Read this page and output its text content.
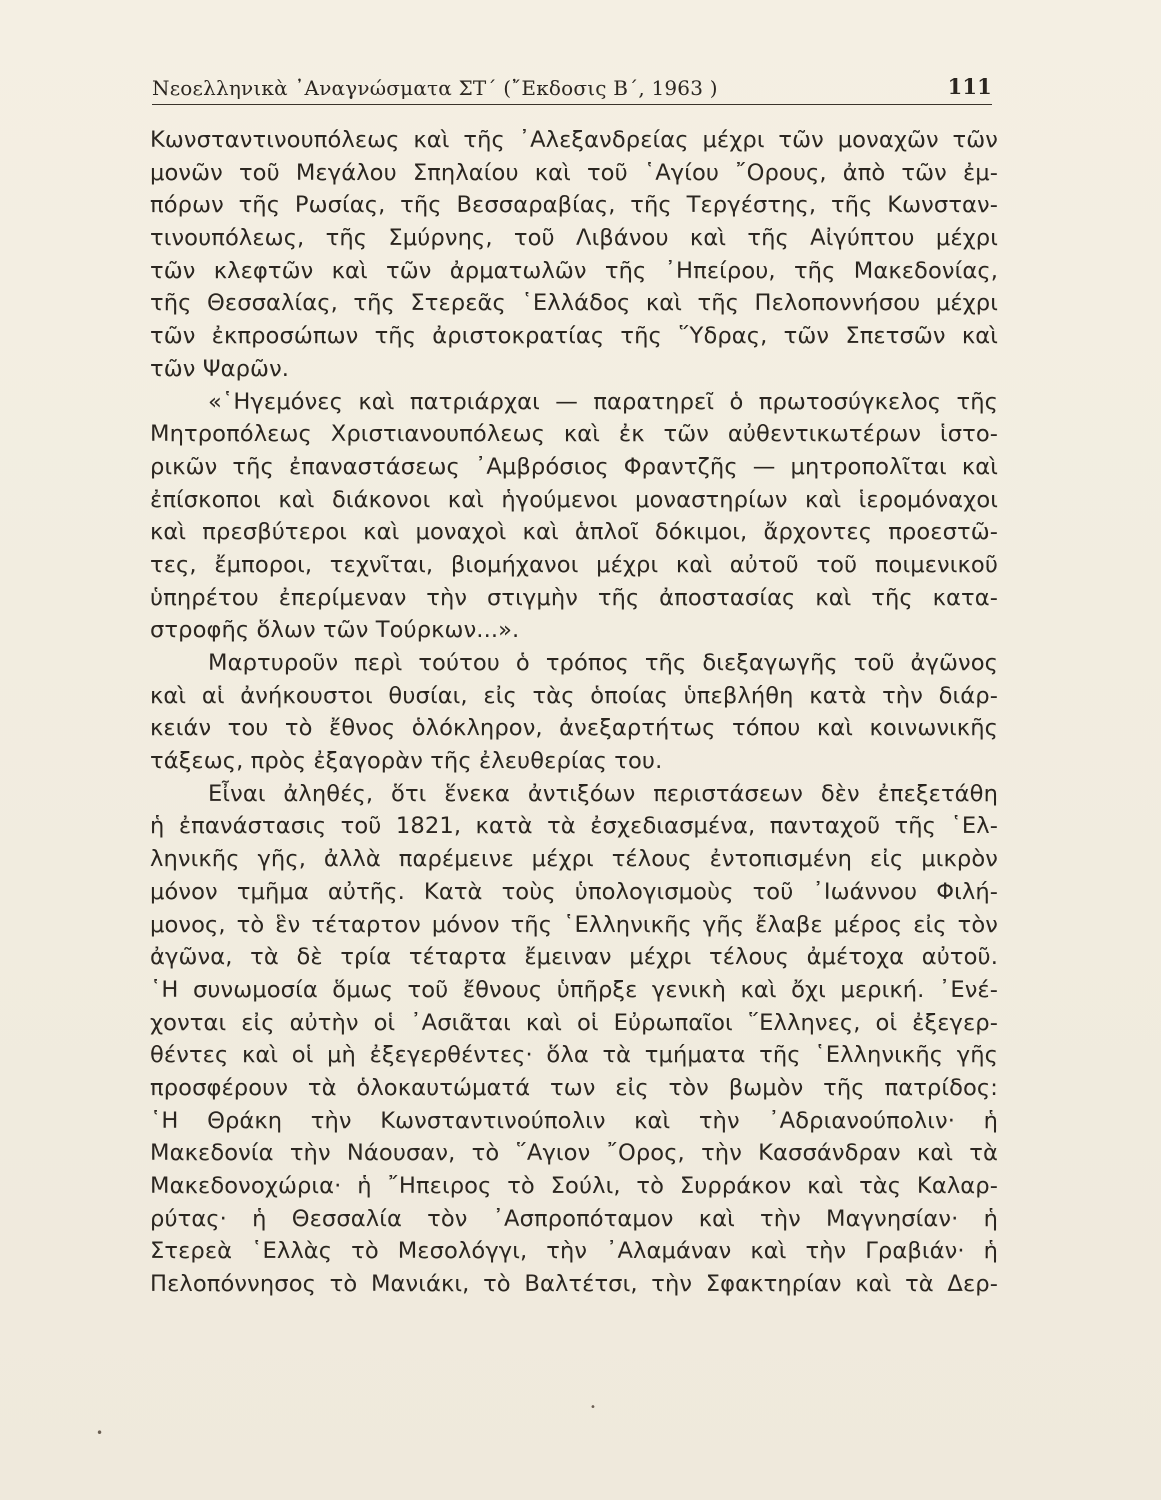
Νεοελληνικὰ ᾽Αναγνώσματα ΣΤ΄ (῎Εκδοσις Β΄, 1963 )	111
Κωνσταντινουπόλεως καὶ τῆς ᾽Αλεξανδρείας μέχρι τῶν μοναχῶν τῶν
μονῶν τοῦ Μεγάλου Σπηλαίου καὶ τοῦ ῾Αγίου ῎Ορους, ἀπὸ τῶν ἐμ-
πόρων τῆς Ρωσίας, τῆς Βεσσαραβίας, τῆς Τεργέστης, τῆς Κωνσταν-
τινουπόλεως, τῆς Σμύρνης, τοῦ Λιβάνου καὶ τῆς Αἰγύπτου μέχρι
τῶν κλεφτῶν καὶ τῶν ἀρματωλῶν τῆς ᾽Ηπείρου, τῆς Μακεδονίας,
τῆς Θεσσαλίας, τῆς Στερεᾶς ῾Ελλάδος καὶ τῆς Πελοποννήσου μέχρι
τῶν ἐκπροσώπων τῆς ἀριστοκρατίας τῆς ῞Υδρας, τῶν Σπετσῶν καὶ
τῶν Ψαρῶν.
«῾Ηγεμόνες καὶ πατριάρχαι — παρατηρεῖ ὁ πρωτοσύγκελος τῆς
Μητροπόλεως Χριστιανουπόλεως καὶ ἐκ τῶν αὐθεντικωτέρων ἱστο-
ρικῶν τῆς ἐπαναστάσεως ᾽Αμβρόσιος Φραντζῆς — μητροπολῖται καὶ
ἐπίσκοποι καὶ διάκονοι καὶ ἡγούμενοι μοναστηρίων καὶ ἱερομόναχοι
καὶ πρεσβύτεροι καὶ μοναχοὶ καὶ ἁπλοῖ δόκιμοι, ἄρχοντες προεστῶ-
τες, ἔμποροι, τεχνῖται, βιομήχανοι μέχρι καὶ αὐτοῦ τοῦ ποιμενικοῦ
ὑπηρέτου ἐπερίμεναν τὴν στιγμὴν τῆς ἀποστασίας καὶ τῆς κατα-
στροφῆς ὅλων τῶν Τούρκων...».
Μαρτυροῦν περὶ τούτου ὁ τρόπος τῆς διεξαγωγῆς τοῦ ἀγῶνος
καὶ αἱ ἀνήκουστοι θυσίαι, εἰς τὰς ὁποίας ὑπεβλήθη κατὰ τὴν διάρ-
κειάν του τὸ ἔθνος ὁλόκληρον, ἀνεξαρτήτως τόπου καὶ κοινωνικῆς
τάξεως, πρὸς ἐξαγορὰν τῆς ἐλευθερίας του.
Εἶναι ἀληθές, ὅτι ἕνεκα ἀντιξόων περιστάσεων δὲν ἐπεξετάθη
ἡ ἐπανάστασις τοῦ 1821, κατὰ τὰ ἐσχεδιασμένα, πανταχοῦ τῆς ῾Ελ-
ληνικῆς γῆς, ἀλλὰ παρέμεινε μέχρι τέλους ἐντοπισμένη εἰς μικρὸν
μόνον τμῆμα αὐτῆς. Κατὰ τοὺς ὑπολογισμοὺς τοῦ ᾽Ιωάννου Φιλή-
μονος, τὸ ἓν τέταρτον μόνον τῆς ῾Ελληνικῆς γῆς ἔλαβε μέρος εἰς τὸν
ἀγῶνα, τὰ δὲ τρία τέταρτα ἔμειναν μέχρι τέλους ἀμέτοχα αὐτοῦ.
῾Η συνωμοσία ὅμως τοῦ ἔθνους ὑπῆρξε γενικὴ καὶ ὄχι μερική. ᾽Ενέ-
χονται εἰς αὐτὴν οἱ ᾽Ασιᾶται καὶ οἱ Εὐρωπαῖοι ῞Ελληνες, οἱ ἐξεγερ-
θέντες καὶ οἱ μὴ ἐξεγερθέντες· ὅλα τὰ τμήματα τῆς ῾Ελληνικῆς γῆς
προσφέρουν τὰ ὁλοκαυτώματά των εἰς τὸν βωμὸν τῆς πατρίδος:
῾Η Θράκη τὴν Κωνσταντινούπολιν καὶ τὴν ᾽Αδριανούπολιν· ἡ
Μακεδονία τὴν Νάουσαν, τὸ ῞Αγιον ῎Ορος, τὴν Κασσάνδραν καὶ τὰ
Μακεδονοχώρια· ἡ ῎Ηπειρος τὸ Σούλι, τὸ Συρράκον καὶ τὰς Καλαρ-
ρύτας· ἡ Θεσσαλία τὸν ᾽Ασπροπόταμον καὶ τὴν Μαγνησίαν· ἡ
Στερεὰ ῾Ελλὰς τὸ Μεσολόγγι, τὴν ᾽Αλαμάναν καὶ τὴν Γραβιάν· ἡ
Πελοπόννησος τὸ Μανιάκι, τὸ Βαλτέτσι, τὴν Σφακτηρίαν καὶ τὰ Δερ-
•
•
